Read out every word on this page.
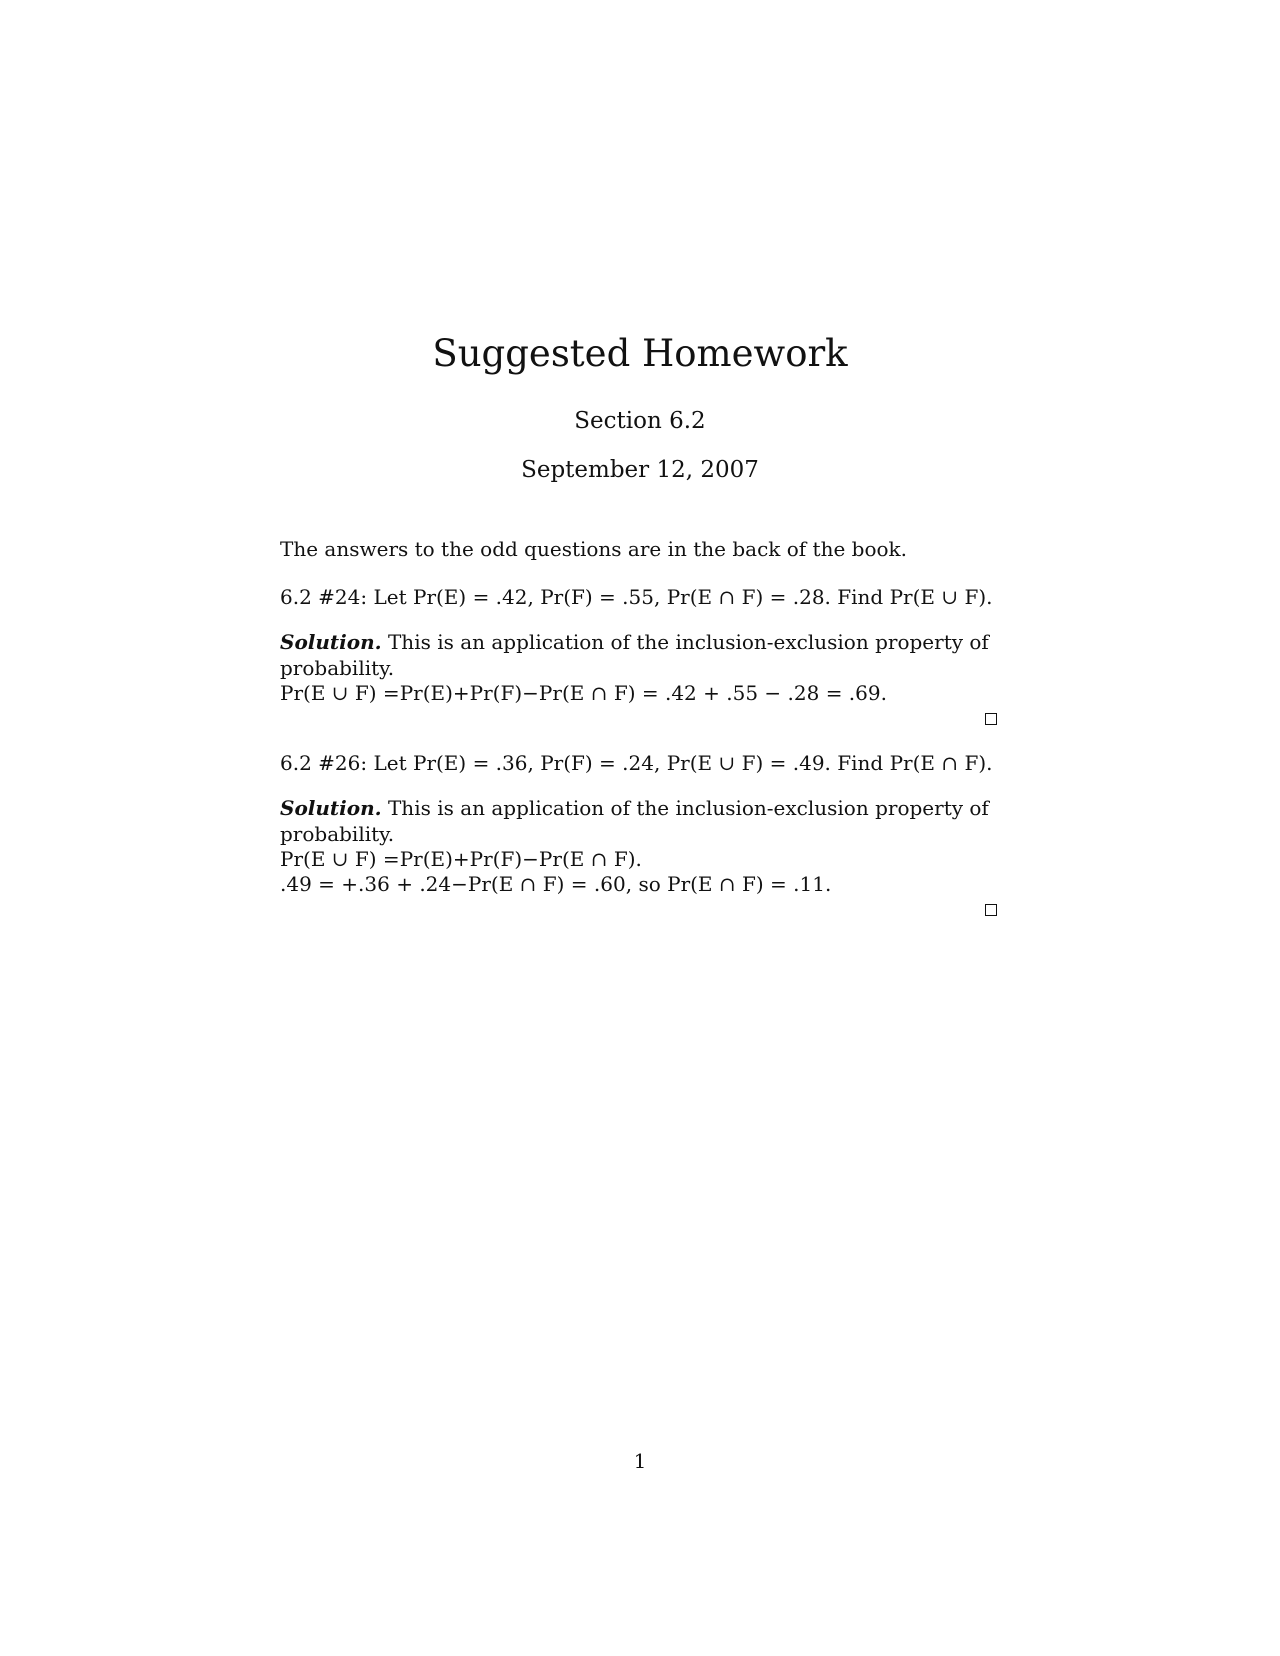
Suggested Homework
Section 6.2
September 12, 2007
The answers to the odd questions are in the back of the book.
6.2 #24: Let Pr(E) = .42, Pr(F) = .55, Pr(E ∩ F) = .28. Find Pr(E ∪ F).
Solution. This is an application of the inclusion-exclusion property of
probability.
Pr(E ∪ F) =Pr(E)+Pr(F)−Pr(E ∩ F) = .42 + .55 − .28 = .69.
6.2 #26: Let Pr(E) = .36, Pr(F) = .24, Pr(E ∪ F) = .49. Find Pr(E ∩ F).
Solution. This is an application of the inclusion-exclusion property of
probability.
Pr(E ∪ F) =Pr(E)+Pr(F)−Pr(E ∩ F).
.49 = +.36 + .24−Pr(E ∩ F) = .60, so Pr(E ∩ F) = .11.
1
